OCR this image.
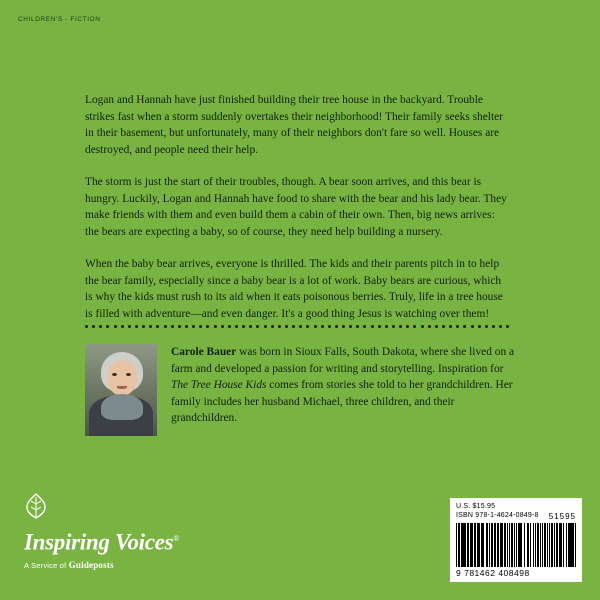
CHILDREN'S - FICTION

Logan and Hannah have just finished building their tree house in the backyard. Trouble strikes fast when a storm suddenly overtakes their neighborhood! Their family seeks shelter in their basement, but unfortunately, many of their neighbors don't fare so well. Houses are destroyed, and people need their help.

The storm is just the start of their troubles, though. A bear soon arrives, and this bear is hungry. Luckily, Logan and Hannah have food to share with the bear and his lady bear. They make friends with them and even build them a cabin of their own. Then, big news arrives: the bears are expecting a baby, so of course, they need help building a nursery.

When the baby bear arrives, everyone is thrilled. The kids and their parents pitch in to help the bear family, especially since a baby bear is a lot of work. Baby bears are curious, which is why the kids must rush to its aid when it eats poisonous berries. Truly, life in a tree house is filled with adventure—and even danger. It's a good thing Jesus is watching over them!

Carole Bauer was born in Sioux Falls, South Dakota, where she lived on a farm and developed a passion for writing and storytelling. Inspiration for The Tree House Kids comes from stories she told to her grandchildren. Her family includes her husband Michael, three children, and their grandchildren.
Inspiring Voices®
A Service of Guideposts
U.S. $15.95
ISBN 978-1-4624-0849-8 51595
9 781462 408498
